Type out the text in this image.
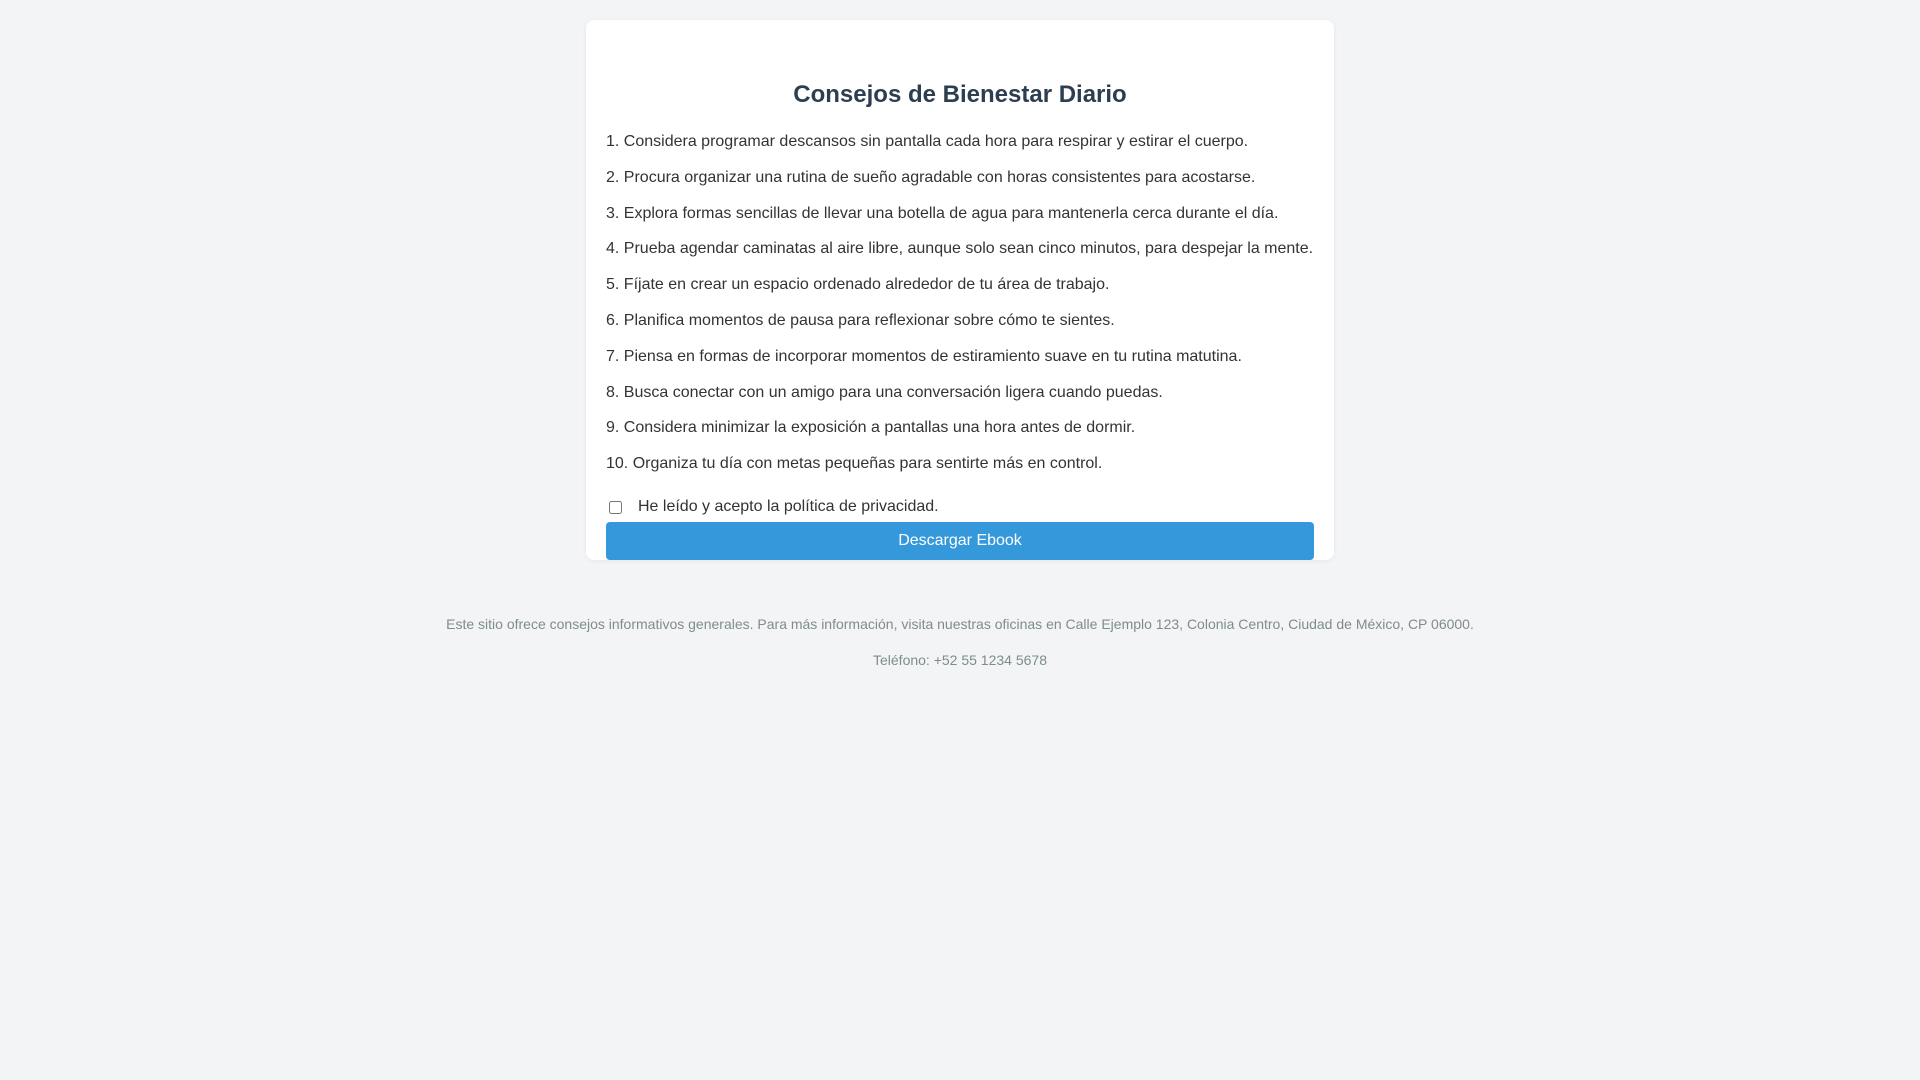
Consejos de Bienestar Diario
1. Considera programar descansos sin pantalla cada hora para respirar y estirar el cuerpo.
2. Procura organizar una rutina de sueño agradable con horas consistentes para acostarse.
3. Explora formas sencillas de llevar una botella de agua para mantenerla cerca durante el día.
4. Prueba agendar caminatas al aire libre, aunque solo sean cinco minutos, para despejar la mente.
5. Fíjate en crear un espacio ordenado alrededor de tu área de trabajo.
6. Planifica momentos de pausa para reflexionar sobre cómo te sientes.
7. Piensa en formas de incorporar momentos de estiramiento suave en tu rutina matutina.
8. Busca conectar con un amigo para una conversación ligera cuando puedas.
9. Considera minimizar la exposición a pantallas una hora antes de dormir.
10. Organiza tu día con metas pequeñas para sentirte más en control.
He leído y acepto la política de privacidad.
Descargar Ebook

Este sitio ofrece consejos informativos generales. Para más información, visita nuestras oficinas en Calle Ejemplo 123, Colonia Centro, Ciudad de México, CP 06000.

Teléfono: +52 55 1234 5678
